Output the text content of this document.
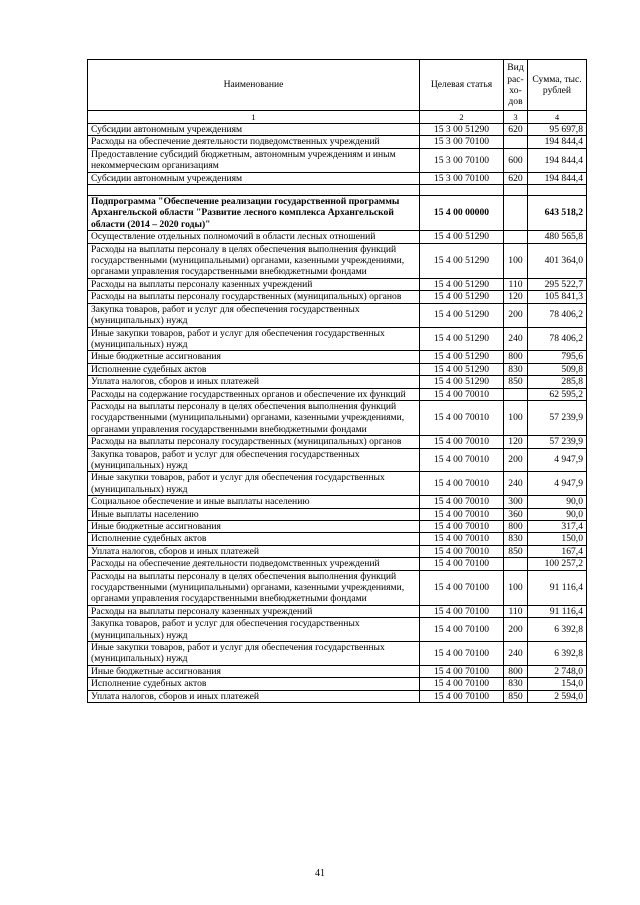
Наименование	Целевая статья	Вид рас-хо-дов	Сумма, тыс. рублей
1	2	3	4
Субсидии автономным учреждениям	15 3 00 51290	620	95 697,8
Расходы на обеспечение деятельности подведомственных учреждений	15 3 00 70100		194 844,4
Предоставление субсидий бюджетным, автономным учреждениям и иным некоммерческим организациям	15 3 00 70100	600	194 844,4
Субсидии автономным учреждениям	15 3 00 70100	620	194 844,4

Подпрограмма "Обеспечение реализации государственной программы Архангельской области "Развитие лесного комплекса Архангельской области (2014 – 2020 годы)"	15 4 00 00000		643 518,2
Осуществление отдельных полномочий в области лесных отношений	15 4 00 51290		480 565,8
Расходы на выплаты персоналу в целях обеспечения выполнения функций государственными (муниципальными) органами, казенными учреждениями, органами управления государственными внебюджетными фондами	15 4 00 51290	100	401 364,0
Расходы на выплаты персоналу казенных учреждений	15 4 00 51290	110	295 522,7
Расходы на выплаты персоналу государственных (муниципальных) органов	15 4 00 51290	120	105 841,3
Закупка товаров, работ и услуг для обеспечения государственных (муниципальных) нужд	15 4 00 51290	200	78 406,2
Иные закупки товаров, работ и услуг для обеспечения государственных (муниципальных) нужд	15 4 00 51290	240	78 406,2
Иные бюджетные ассигнования	15 4 00 51290	800	795,6
Исполнение судебных актов	15 4 00 51290	830	509,8
Уплата налогов, сборов и иных платежей	15 4 00 51290	850	285,8
Расходы на содержание государственных органов и обеспечение их функций	15 4 00 70010		62 595,2
Расходы на выплаты персоналу в целях обеспечения выполнения функций государственными (муниципальными) органами, казенными учреждениями, органами управления государственными внебюджетными фондами	15 4 00 70010	100	57 239,9
Расходы на выплаты персоналу государственных (муниципальных) органов	15 4 00 70010	120	57 239,9
Закупка товаров, работ и услуг для обеспечения государственных (муниципальных) нужд	15 4 00 70010	200	4 947,9
Иные закупки товаров, работ и услуг для обеспечения государственных (муниципальных) нужд	15 4 00 70010	240	4 947,9
Социальное обеспечение и иные выплаты населению	15 4 00 70010	300	90,0
Иные выплаты населению	15 4 00 70010	360	90,0
Иные бюджетные ассигнования	15 4 00 70010	800	317,4
Исполнение судебных актов	15 4 00 70010	830	150,0
Уплата налогов, сборов и иных платежей	15 4 00 70010	850	167,4
Расходы на обеспечение деятельности подведомственных учреждений	15 4 00 70100		100 257,2
Расходы на выплаты персоналу в целях обеспечения выполнения функций государственными (муниципальными) органами, казенными учреждениями, органами управления государственными внебюджетными фондами	15 4 00 70100	100	91 116,4
Расходы на выплаты персоналу казенных учреждений	15 4 00 70100	110	91 116,4
Закупка товаров, работ и услуг для обеспечения государственных (муниципальных) нужд	15 4 00 70100	200	6 392,8
Иные закупки товаров, работ и услуг для обеспечения государственных (муниципальных) нужд	15 4 00 70100	240	6 392,8
Иные бюджетные ассигнования	15 4 00 70100	800	2 748,0
Исполнение судебных актов	15 4 00 70100	830	154,0
Уплата налогов, сборов и иных платежей	15 4 00 70100	850	2 594,0
41
